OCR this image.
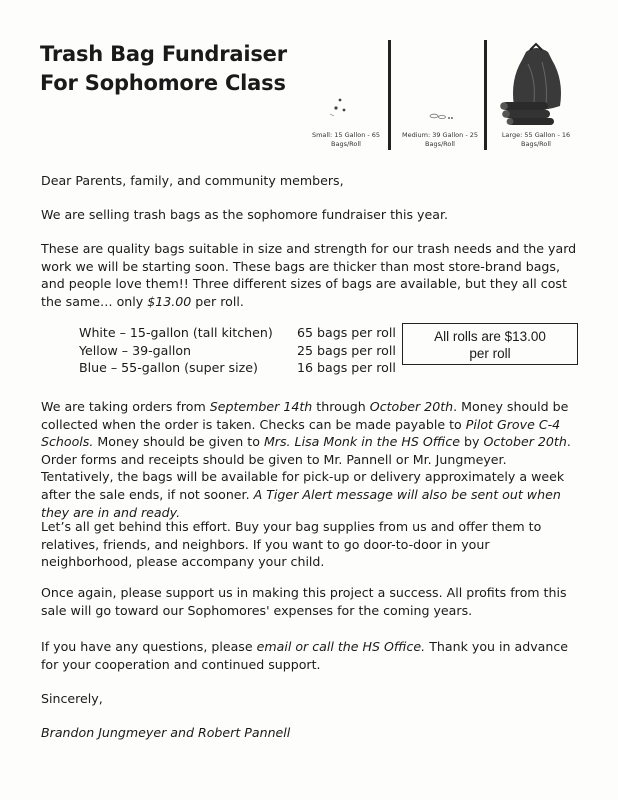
Trash Bag Fundraiser
For Sophomore Class
Small: 15 Gallon - 65
Bags/Roll
Medium: 39 Gallon - 25
Bags/Roll
Large: 55 Gallon - 16
Bags/Roll
Dear Parents, family, and community members,
We are selling trash bags as the sophomore fundraiser this year.
These are quality bags suitable in size and strength for our trash needs and the yard work we will be starting soon. These bags are thicker than most store-brand bags, and people love them!! Three different sizes of bags are available, but they all cost the same… only $13.00 per roll.
White – 15-gallon (tall kitchen) 65 bags per roll
Yellow – 39-gallon	25 bags per roll
Blue – 55-gallon (super size)	16 bags per roll
All rolls are $13.00
per roll
We are taking orders from September 14th through October 20th. Money should be collected when the order is taken. Checks can be made payable to Pilot Grove C-4 Schools. Money should be given to Mrs. Lisa Monk in the HS Office by October 20th. Order forms and receipts should be given to Mr. Pannell or Mr. Jungmeyer. Tentatively, the bags will be available for pick-up or delivery approximately a week after the sale ends, if not sooner. A Tiger Alert message will also be sent out when they are in and ready.
Let’s all get behind this effort. Buy your bag supplies from us and offer them to relatives, friends, and neighbors. If you want to go door-to-door in your neighborhood, please accompany your child.
Once again, please support us in making this project a success. All profits from this sale will go toward our Sophomores' expenses for the coming years.
If you have any questions, please email or call the HS Office. Thank you in advance for your cooperation and continued support.
Sincerely,
Brandon Jungmeyer and Robert Pannell
